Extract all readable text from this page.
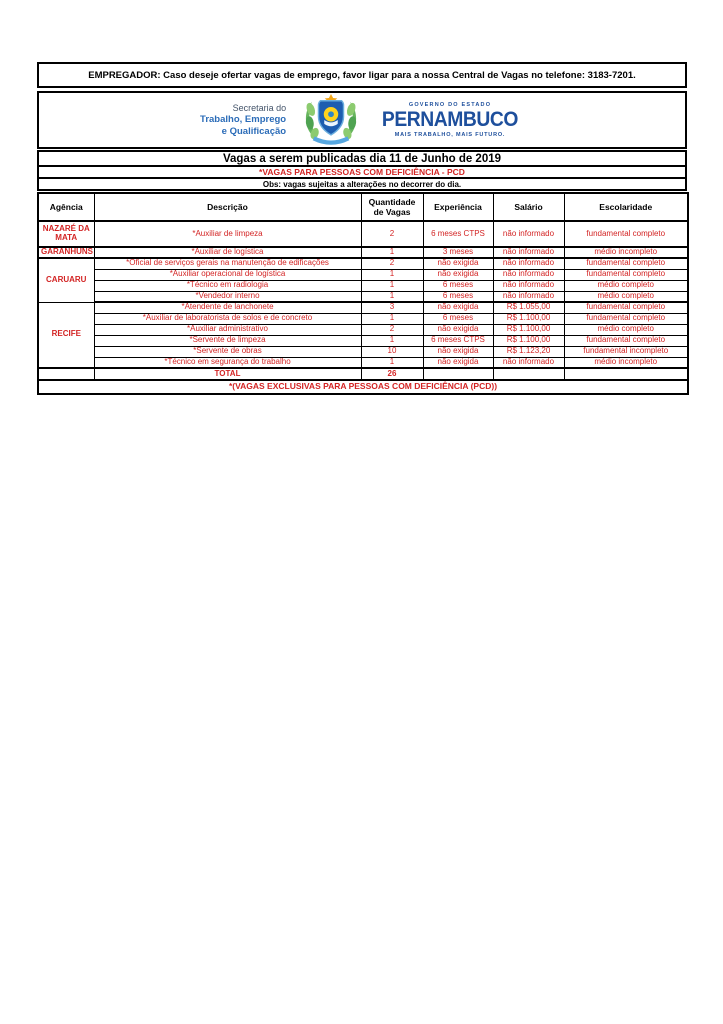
EMPREGADOR: Caso deseje ofertar vagas de emprego, favor ligar para a nossa Central de Vagas no telefone: 3183-7201.
Secretaria do
Trabalho, Emprego
e Qualificação
GOVERNO DO ESTADO
PERNAMBUCO
MAIS TRABALHO, MAIS FUTURO.
Vagas a serem publicadas dia 11 de Junho de 2019
*VAGAS PARA PESSOAS COM DEFICIÊNCIA - PCD
Obs: vagas sujeitas a alterações no decorrer do dia.
Agência	Descrição	Quantidade de Vagas	Experiência	Salário	Escolaridade
NAZARÉ DA MATA	*Auxiliar de limpeza	2	6 meses CTPS	não informado	fundamental completo
GARANHUNS	*Auxiliar de logística	1	3 meses	não informado	médio incompleto
CARUARU	*Oficial de serviços gerais na manutenção de edificações	2	não exigida	não informado	fundamental completo
	*Auxiliar operacional de logística	1	não exigida	não informado	fundamental completo
	*Técnico em radiologia	1	6 meses	não informado	médio completo
	*Vendedor interno	1	6 meses	não informado	médio completo
RECIFE	*Atendente de lanchonete	3	não exigida	R$ 1.055,00	fundamental completo
	*Auxiliar de laboratorista de solos e de concreto	1	6 meses	R$ 1.100,00	fundamental completo
	*Auxiliar administrativo	2	não exigida	R$ 1.100,00	médio completo
	*Servente de limpeza	1	6 meses CTPS	R$ 1.100,00	fundamental completo
	*Servente de obras	10	não exigida	R$ 1.123,20	fundamental incompleto
	*Técnico em segurança do trabalho	1	não exigida	não informado	médio incompleto
	TOTAL	26			
*(VAGAS EXCLUSIVAS PARA PESSOAS COM DEFICIÊNCIA (PCD))					
